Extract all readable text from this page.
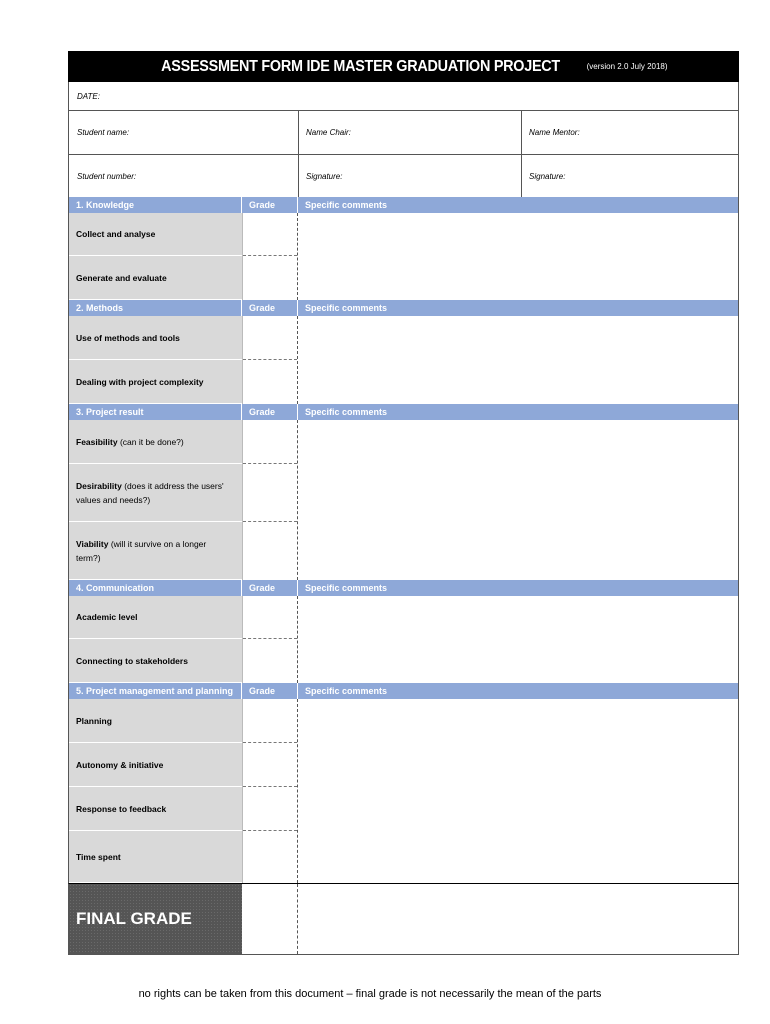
ASSESSMENT FORM IDE MASTER GRADUATION PROJECT	(version 2.0 July 2018)
DATE:
Student name:	Name Chair:	Name Mentor:
Student number:	Signature:	Signature:
1. Knowledge	Grade	Specific comments
Collect and analyse
Generate and evaluate
2. Methods	Grade	Specific comments
Use of methods and tools
Dealing with project complexity
3. Project result	Grade	Specific comments
Feasibility (can it be done?)
Desirability (does it address the users' values and needs?)
Viability (will it survive on a longer term?)
4. Communication	Grade	Specific comments
Academic level
Connecting to stakeholders
5. Project management and planning	Grade	Specific comments
Planning
Autonomy & initiative
Response to feedback
Time spent
FINAL GRADE
no rights can be taken from this document – final grade is not necessarily the mean of the parts
